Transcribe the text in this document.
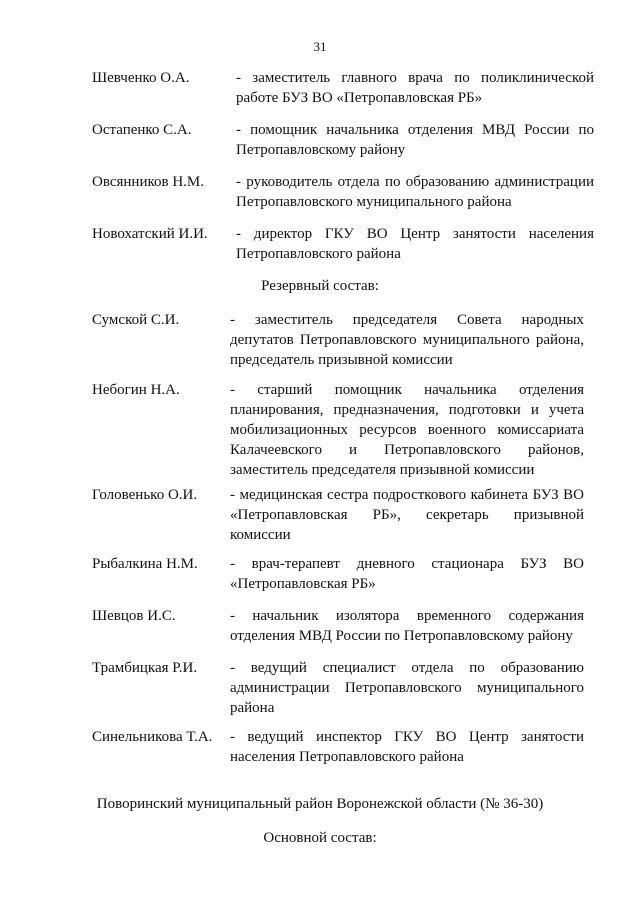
31
Шевченко О.А.	- заместитель главного врача по поликлинической работе БУЗ ВО «Петропавловская РБ»
Остапенко С.А.	- помощник начальника отделения МВД России по Петропавловскому району
Овсянников Н.М.	- руководитель отдела по образованию администрации Петропавловского муниципального района
Новохатский И.И.	- директор ГКУ ВО Центр занятости населения Петропавловского района
Резервный состав:
Сумской С.И.	- заместитель председателя Совета народных депутатов Петропавловского муниципального района, председатель призывной комиссии
Небогин Н.А.	- старший помощник начальника отделения планирования, предназначения, подготовки и учета мобилизационных ресурсов военного комиссариата Калачеевского и Петропавловского районов, заместитель председателя призывной комиссии
Головенько О.И.	- медицинская сестра подросткового кабинета БУЗ ВО «Петропавловская РБ», секретарь призывной комиссии
Рыбалкина Н.М.	- врач-терапевт дневного стационара БУЗ ВО «Петропавловская РБ»
Шевцов И.С.	- начальник изолятора временного содержания отделения МВД России по Петропавловскому району
Трамбицкая Р.И.	- ведущий специалист отдела по образованию администрации Петропавловского муниципального района
Синельникова Т.А.	- ведущий инспектор ГКУ ВО Центр занятости населения Петропавловского района
Поворинский муниципальный район Воронежской области (№ 36-30)
Основной состав:
